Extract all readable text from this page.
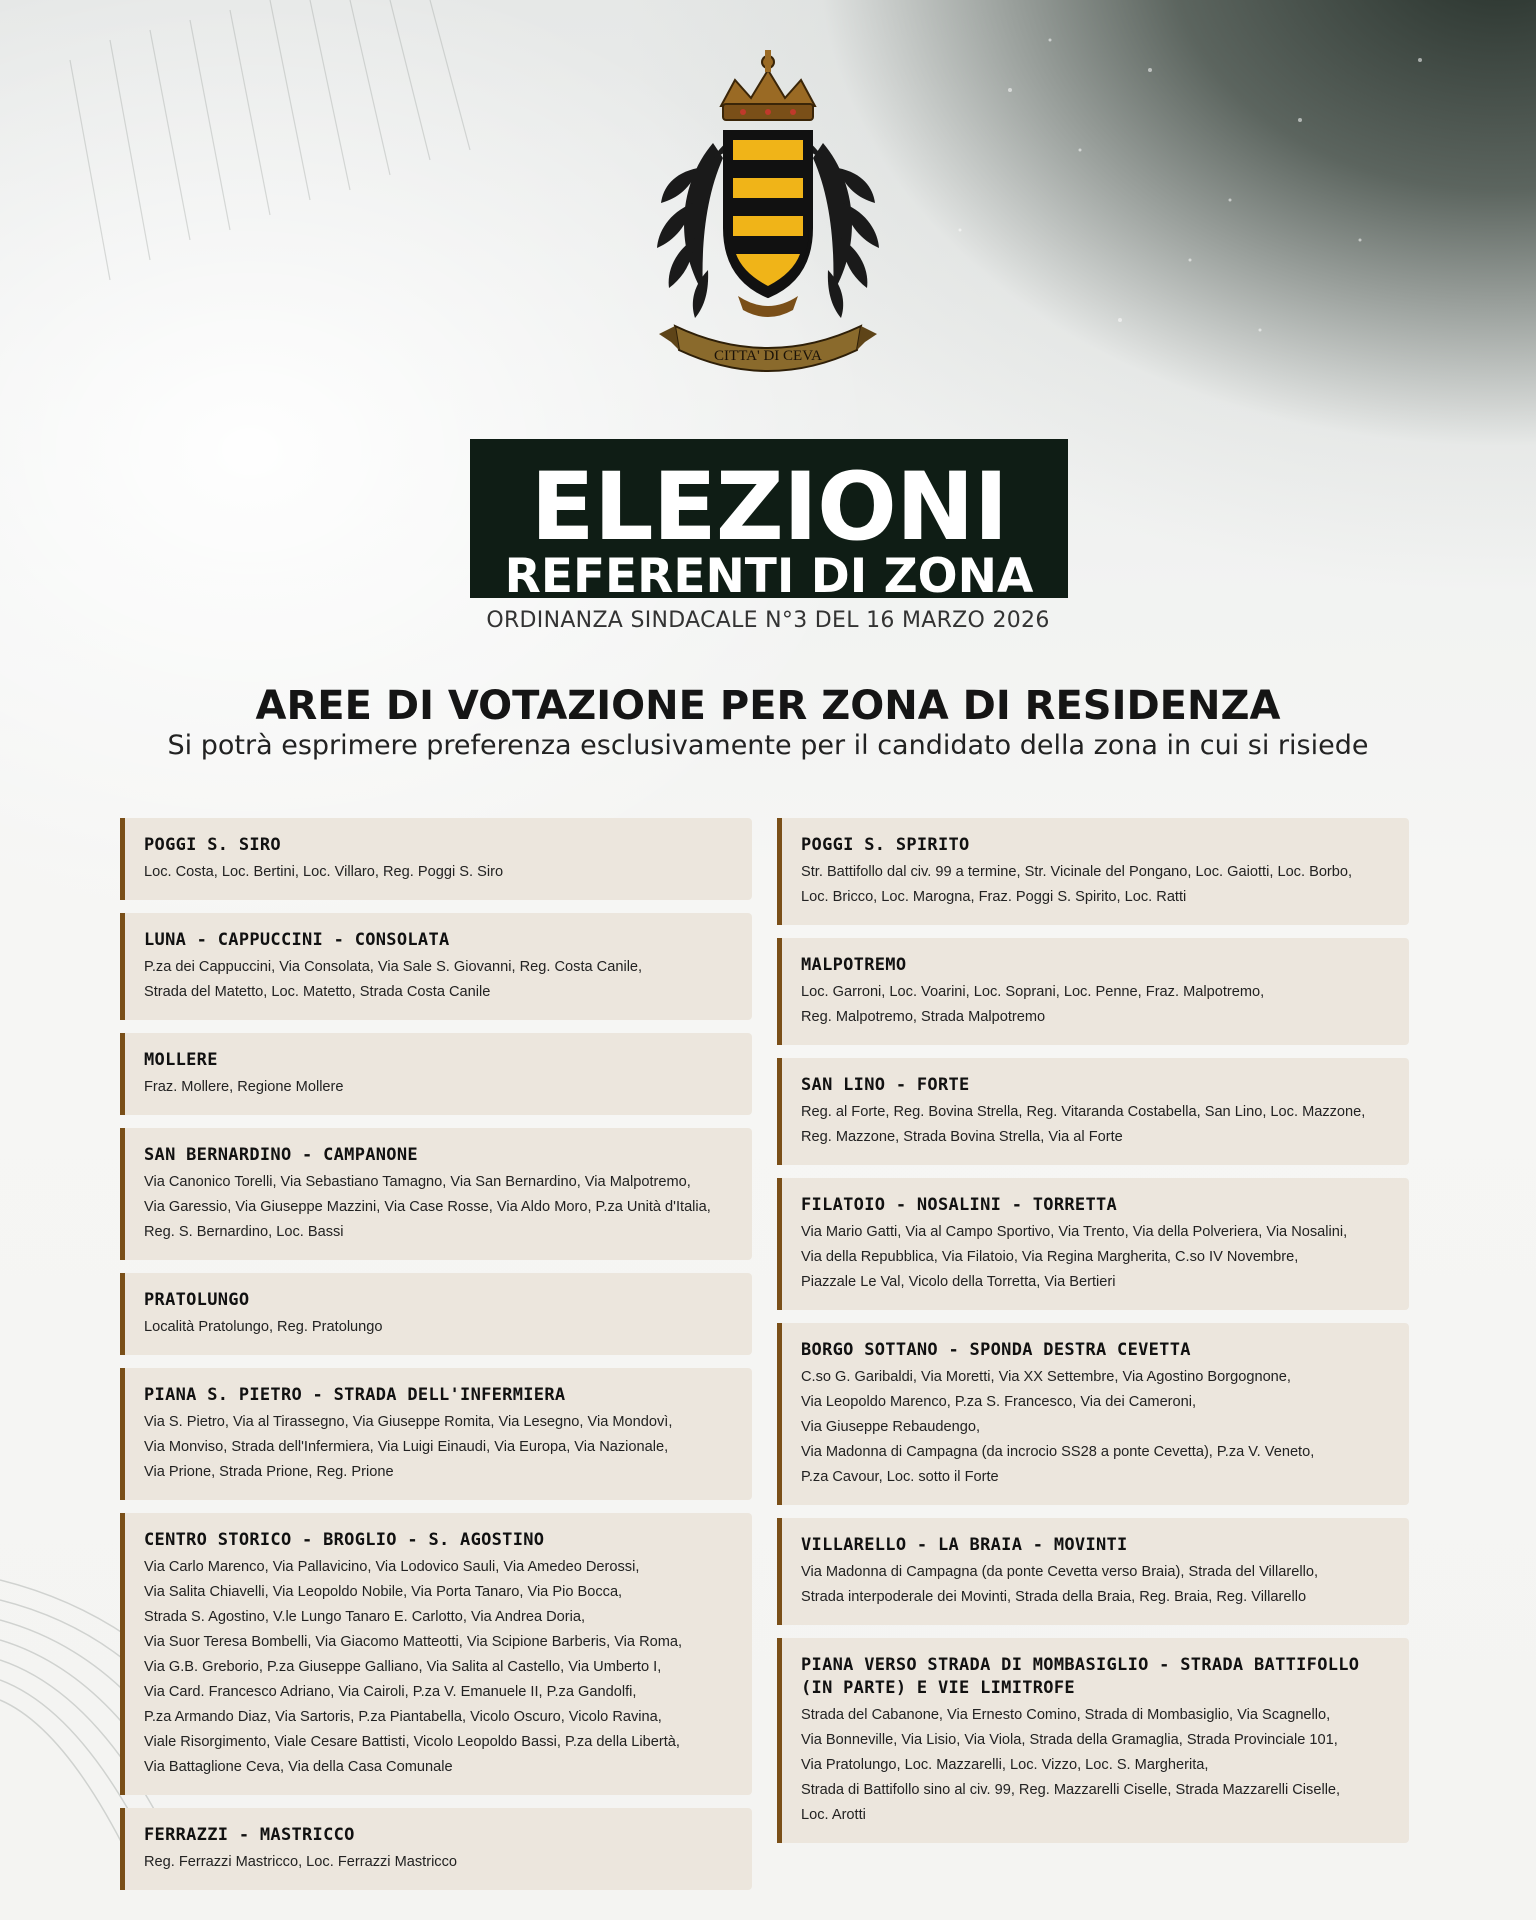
CITTA' DI CEVA
ELEZIONI
REFERENTI DI ZONA
ORDINANZA SINDACALE N°3 DEL 16 MARZO 2026
AREE DI VOTAZIONE PER ZONA DI RESIDENZA
Si potrà esprimere preferenza esclusivamente per il candidato della zona in cui si risiede
POGGI S. SIRO
Loc. Costa, Loc. Bertini, Loc. Villaro, Reg. Poggi S. Siro
LUNA - CAPPUCCINI - CONSOLATA
P.za dei Cappuccini, Via Consolata, Via Sale S. Giovanni, Reg. Costa Canile,
Strada del Matetto, Loc. Matetto, Strada Costa Canile
MOLLERE
Fraz. Mollere, Regione Mollere
SAN BERNARDINO - CAMPANONE
Via Canonico Torelli, Via Sebastiano Tamagno, Via San Bernardino, Via Malpotremo,
Via Garessio, Via Giuseppe Mazzini, Via Case Rosse, Via Aldo Moro, P.za Unità d'Italia,
Reg. S. Bernardino, Loc. Bassi
PRATOLUNGO
Località Pratolungo, Reg. Pratolungo
PIANA S. PIETRO - STRADA DELL'INFERMIERA
Via S. Pietro, Via al Tirassegno, Via Giuseppe Romita, Via Lesegno, Via Mondovì,
Via Monviso, Strada dell'Infermiera, Via Luigi Einaudi, Via Europa, Via Nazionale,
Via Prione, Strada Prione, Reg. Prione
CENTRO STORICO - BROGLIO - S. AGOSTINO
Via Carlo Marenco, Via Pallavicino, Via Lodovico Sauli, Via Amedeo Derossi,
Via Salita Chiavelli, Via Leopoldo Nobile, Via Porta Tanaro, Via Pio Bocca,
Strada S. Agostino, V.le Lungo Tanaro E. Carlotto, Via Andrea Doria,
Via Suor Teresa Bombelli, Via Giacomo Matteotti, Via Scipione Barberis, Via Roma,
Via G.B. Greborio, P.za Giuseppe Galliano, Via Salita al Castello, Via Umberto I,
Via Card. Francesco Adriano, Via Cairoli, P.za V. Emanuele II, P.za Gandolfi,
P.za Armando Diaz, Via Sartoris, P.za Piantabella, Vicolo Oscuro, Vicolo Ravina,
Viale Risorgimento, Viale Cesare Battisti, Vicolo Leopoldo Bassi, P.za della Libertà,
Via Battaglione Ceva, Via della Casa Comunale
FERRAZZI - MASTRICCO
Reg. Ferrazzi Mastricco, Loc. Ferrazzi Mastricco
POGGI S. SPIRITO
Str. Battifollo dal civ. 99 a termine, Str. Vicinale del Pongano, Loc. Gaiotti, Loc. Borbo,
Loc. Bricco, Loc. Marogna, Fraz. Poggi S. Spirito, Loc. Ratti
MALPOTREMO
Loc. Garroni, Loc. Voarini, Loc. Soprani, Loc. Penne, Fraz. Malpotremo,
Reg. Malpotremo, Strada Malpotremo
SAN LINO - FORTE
Reg. al Forte, Reg. Bovina Strella, Reg. Vitaranda Costabella, San Lino, Loc. Mazzone,
Reg. Mazzone, Strada Bovina Strella, Via al Forte
FILATOIO - NOSALINI - TORRETTA
Via Mario Gatti, Via al Campo Sportivo, Via Trento, Via della Polveriera, Via Nosalini,
Via della Repubblica, Via Filatoio, Via Regina Margherita, C.so IV Novembre,
Piazzale Le Val, Vicolo della Torretta, Via Bertieri
BORGO SOTTANO - SPONDA DESTRA CEVETTA
C.so G. Garibaldi, Via Moretti, Via XX Settembre, Via Agostino Borgognone,
Via Leopoldo Marenco, P.za S. Francesco, Via dei Cameroni,
Via Giuseppe Rebaudengo,
Via Madonna di Campagna (da incrocio SS28 a ponte Cevetta), P.za V. Veneto,
P.za Cavour, Loc. sotto il Forte
VILLARELLO - LA BRAIA - MOVINTI
Via Madonna di Campagna (da ponte Cevetta verso Braia), Strada del Villarello,
Strada interpoderale dei Movinti, Strada della Braia, Reg. Braia, Reg. Villarello
PIANA VERSO STRADA DI MOMBASIGLIO - STRADA BATTIFOLLO (IN PARTE) E VIE LIMITROFE
Strada del Cabanone, Via Ernesto Comino, Strada di Mombasiglio, Via Scagnello,
Via Bonneville, Via Lisio, Via Viola, Strada della Gramaglia, Strada Provinciale 101,
Via Pratolungo, Loc. Mazzarelli, Loc. Vizzo, Loc. S. Margherita,
Strada di Battifollo sino al civ. 99, Reg. Mazzarelli Ciselle, Strada Mazzarelli Ciselle,
Loc. Arotti
